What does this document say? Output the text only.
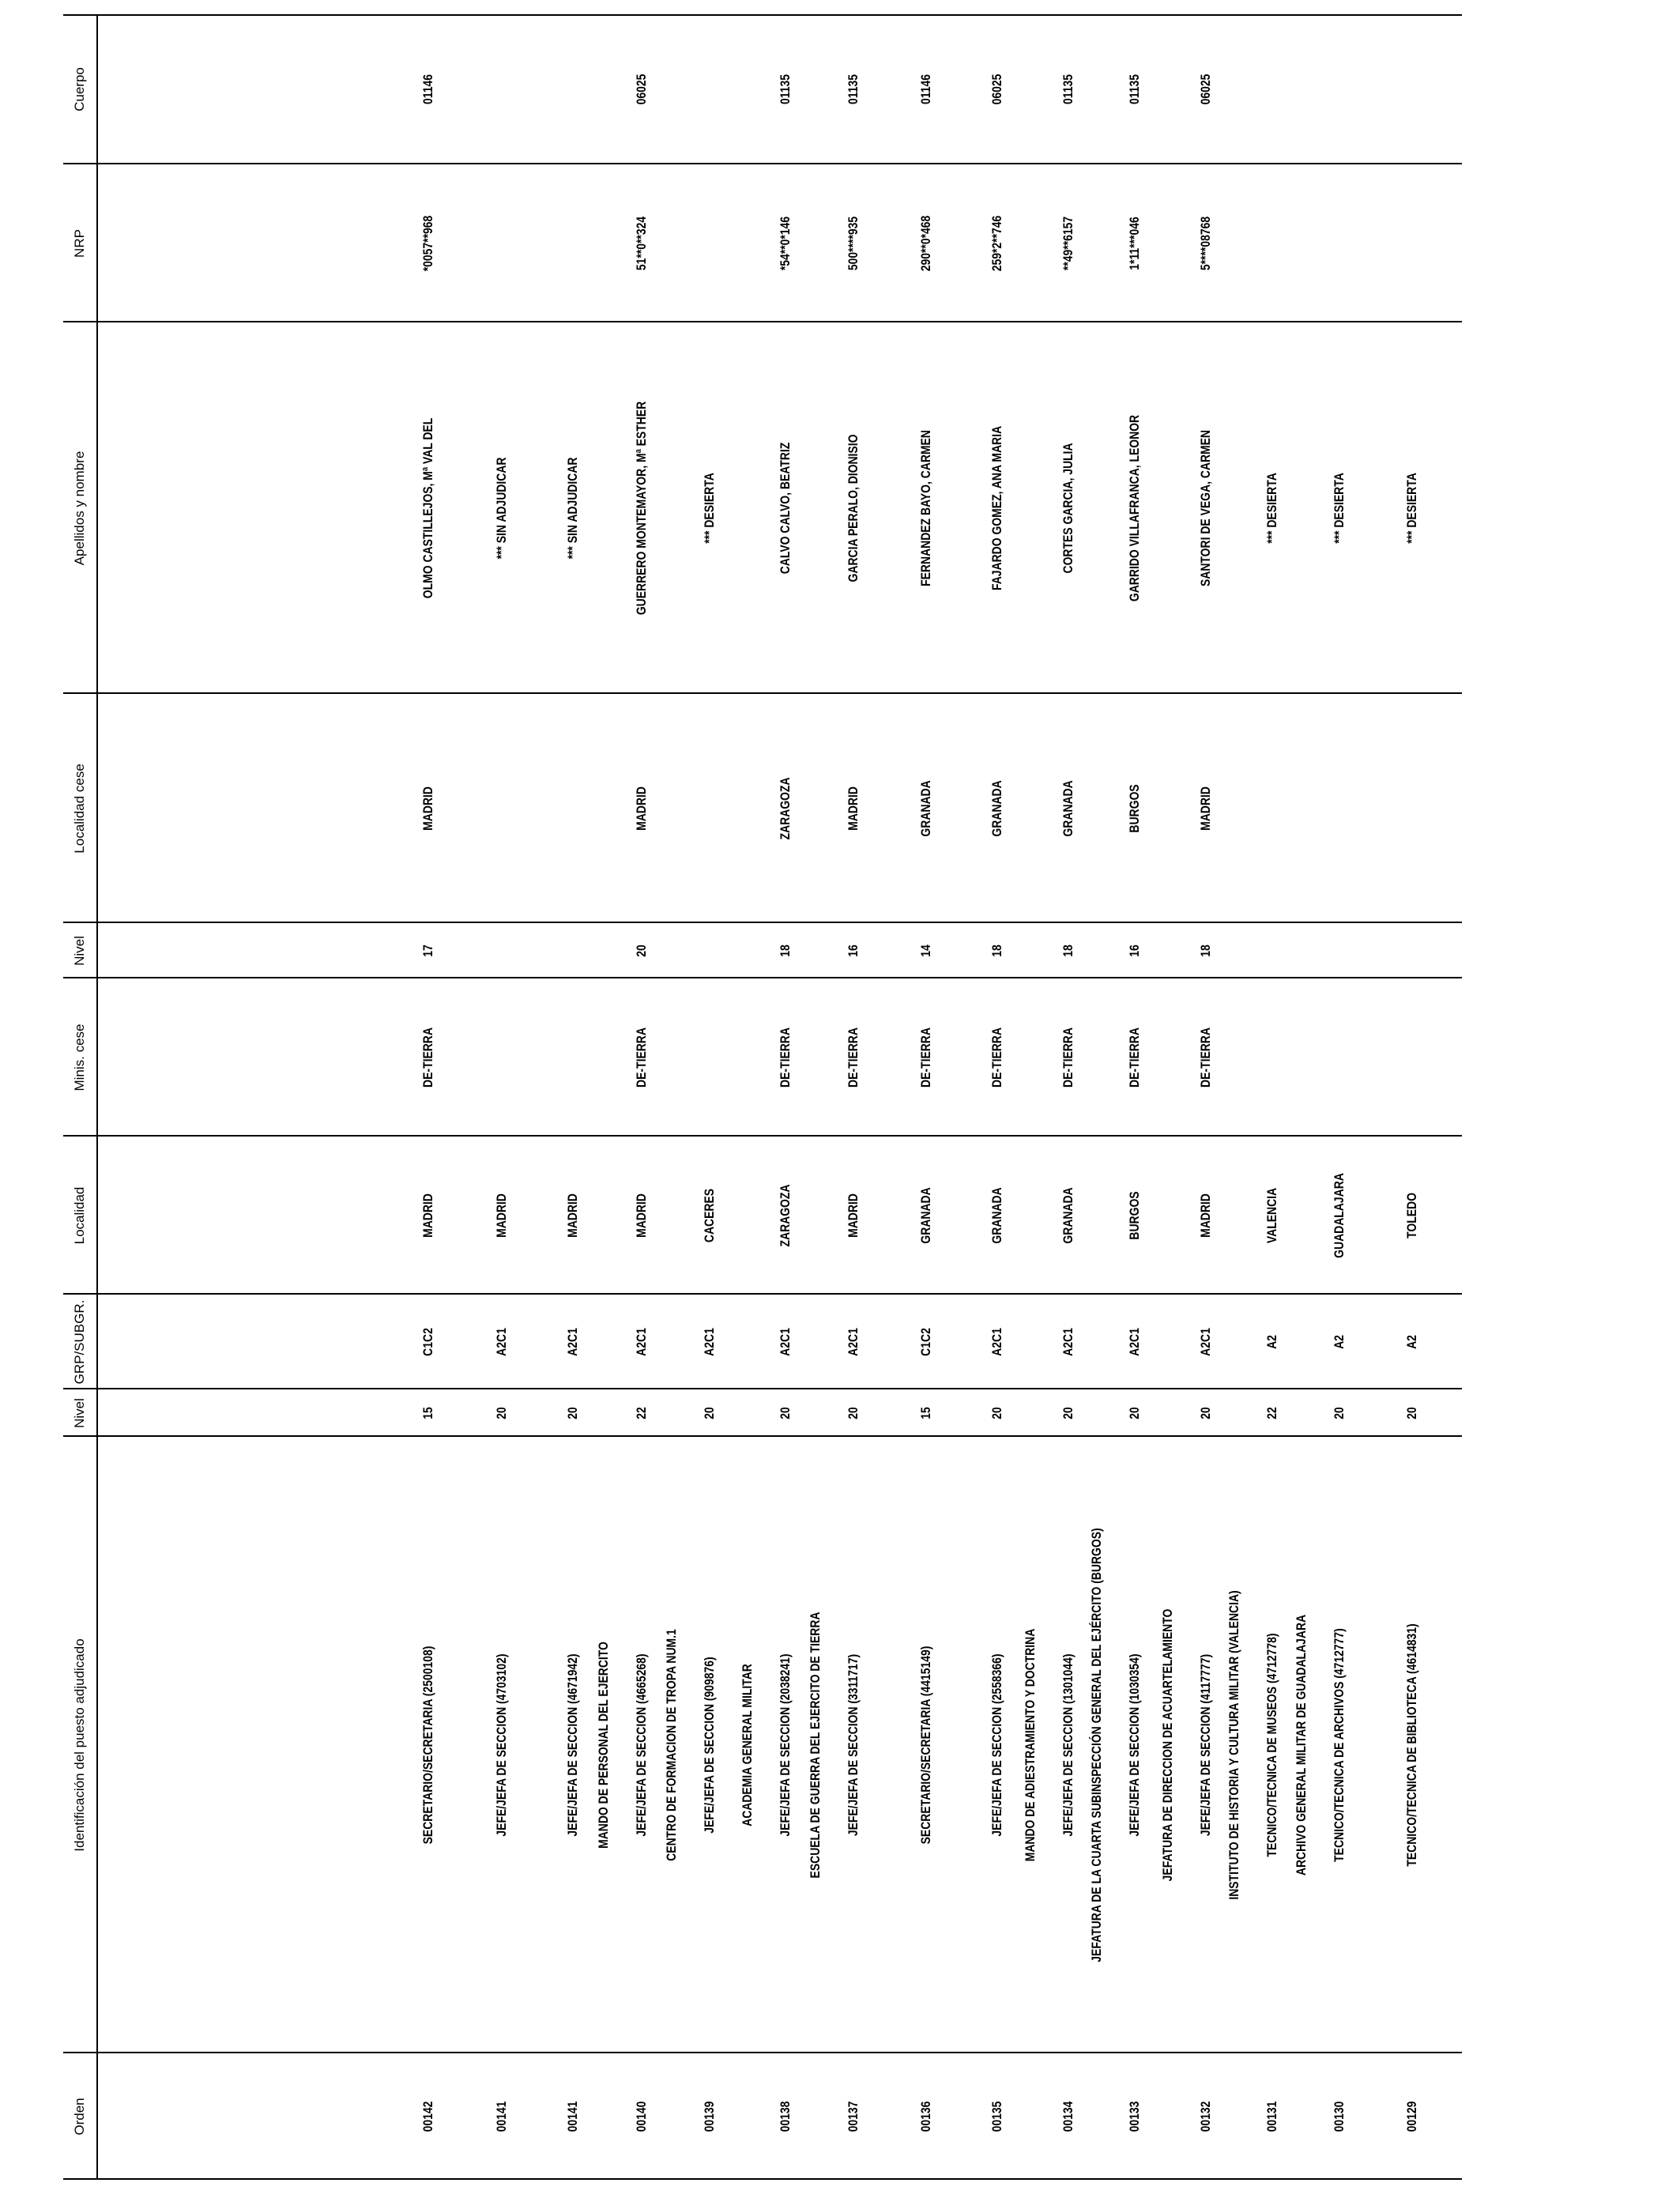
Orden
Identificación del puesto adjudicado
Nivel
GRP/SUBGR.
Localidad
Minis. cese
Nivel
Localidad cese
Apellidos y nombre
NRP
Cuerpo
00129
TECNICO/TECNICA DE BIBLIOTECA (4614831)
20
A2
TOLEDO
*** DESIERTA
00130
TECNICO/TECNICA DE ARCHIVOS (4712777)
20
A2
GUADALAJARA
*** DESIERTA
ARCHIVO GENERAL MILITAR DE GUADALAJARA
00131
TECNICO/TECNICA DE MUSEOS (4712778)
22
A2
VALENCIA
*** DESIERTA
INSTITUTO DE HISTORIA Y CULTURA MILITAR (VALENCIA)
00132
JEFE/JEFA DE SECCION (4117777)
20
A2C1
MADRID
DE-TIERRA
18
MADRID
SANTORI DE VEGA, CARMEN
5****08768
06025
JEFATURA DE DIRECCION DE ACUARTELAMIENTO
00133
JEFE/JEFA DE SECCION (1030354)
20
A2C1
BURGOS
DE-TIERRA
16
BURGOS
GARRIDO VILLAFRANCA, LEONOR
1*11***046
01135
JEFATURA DE LA CUARTA SUBINSPECCIÓN GENERAL DEL EJÉRCITO (BURGOS)
00134
JEFE/JEFA DE SECCION (1301044)
20
A2C1
GRANADA
DE-TIERRA
18
GRANADA
CORTES GARCIA, JULIA
**49**6157
01135
MANDO DE ADIESTRAMIENTO Y DOCTRINA
00135
JEFE/JEFA DE SECCION (2558366)
20
A2C1
GRANADA
DE-TIERRA
18
GRANADA
FAJARDO GOMEZ, ANA MARIA
259*2**746
06025
00136
SECRETARIO/SECRETARIA (4415149)
15
C1C2
GRANADA
DE-TIERRA
14
GRANADA
FERNANDEZ BAYO, CARMEN
290**0*468
01146
00137
JEFE/JEFA DE SECCION (3311717)
20
A2C1
MADRID
DE-TIERRA
16
MADRID
GARCIA PERALO, DIONISIO
500****935
01135
ESCUELA DE GUERRA DEL EJERCITO DE TIERRA
00138
JEFE/JEFA DE SECCION (2038241)
20
A2C1
ZARAGOZA
DE-TIERRA
18
ZARAGOZA
CALVO CALVO, BEATRIZ
*54**0*146
01135
ACADEMIA GENERAL MILITAR
00139
JEFE/JEFA DE SECCION (909876)
20
A2C1
CACERES
*** DESIERTA
CENTRO DE FORMACION DE TROPA NUM.1
00140
JEFE/JEFA DE SECCION (4665268)
22
A2C1
MADRID
DE-TIERRA
20
MADRID
GUERRERO MONTEMAYOR, Mª ESTHER
51**0**324
06025
MANDO DE PERSONAL DEL EJERCITO
00141
JEFE/JEFA DE SECCION (4671942)
20
A2C1
MADRID
*** SIN ADJUDICAR
00141
JEFE/JEFA DE SECCION (4703102)
20
A2C1
MADRID
*** SIN ADJUDICAR
00142
SECRETARIO/SECRETARIA (2500108)
15
C1C2
MADRID
DE-TIERRA
17
MADRID
OLMO CASTILLEJOS, Mª VAL DEL
*0057**968
01146
